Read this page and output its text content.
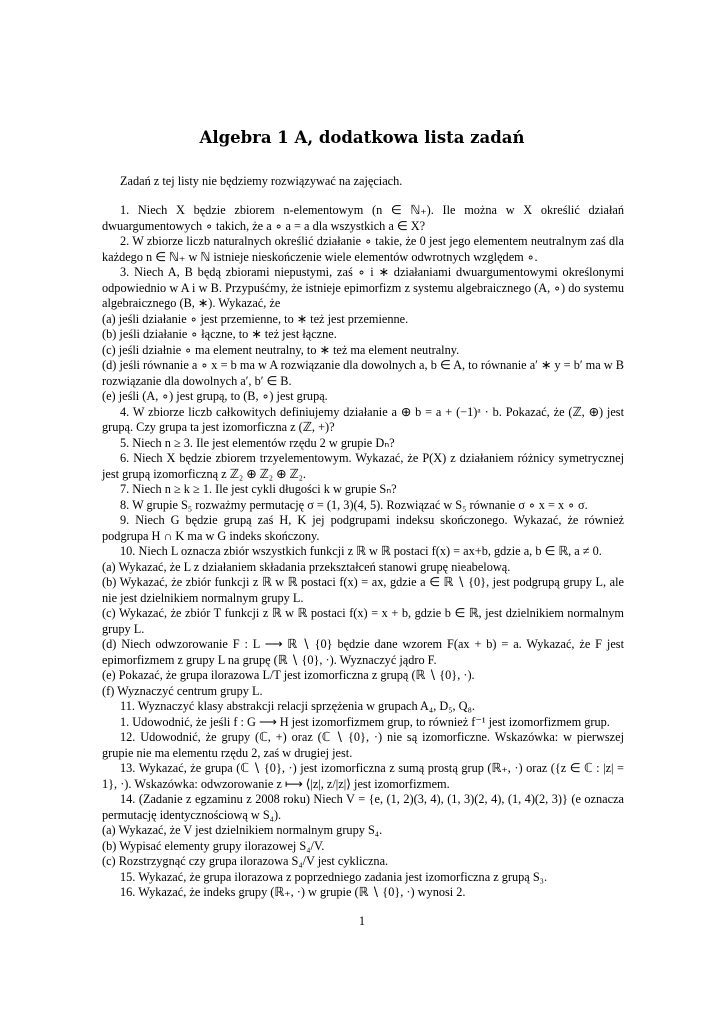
Algebra 1 A, dodatkowa lista zadań
Zadań z tej listy nie będziemy rozwiązywać na zajęciach.

1. Niech X będzie zbiorem n-elementowym (n ∈ ℕ₊). Ile można w X określić działań dwuargumentowych ∘ takich, że a ∘ a = a dla wszystkich a ∈ X?

2. W zbiorze liczb naturalnych określić działanie ∘ takie, że 0 jest jego elementem neutralnym zaś dla każdego n ∈ ℕ₊ w ℕ istnieje nieskończenie wiele elementów odwrotnych względem ∘.

3. Niech A, B będą zbiorami niepustymi, zaś ∘ i ∗ działaniami dwuargumentowymi określonymi odpowiednio w A i w B. Przypuśćmy, że istnieje epimorfizm z systemu algebraicznego (A, ∘) do systemu algebraicznego (B, ∗). Wykazać, że

(a) jeśli działanie ∘ jest przemienne, to ∗ też jest przemienne.

(b) jeśli działanie ∘ łączne, to ∗ też jest łączne.

(c) jeśli działnie ∘ ma element neutralny, to ∗ też ma element neutralny.

(d) jeśli równanie a ∘ x = b ma w A rozwiązanie dla dowolnych a, b ∈ A, to równanie a′ ∗ y = b′ ma w B rozwiązanie dla dowolnych a′, b′ ∈ B.

(e) jeśli (A, ∘) jest grupą, to (B, ∘) jest grupą.

4. W zbiorze liczb całkowitych definiujemy działanie a ⊕ b = a + (−1)ᵃ · b. Pokazać, że (ℤ, ⊕) jest grupą. Czy grupa ta jest izomorficzna z (ℤ, +)?

5. Niech n ≥ 3. Ile jest elementów rzędu 2 w grupie Dₙ?

6. Niech X będzie zbiorem trzyelementowym. Wykazać, że P(X) z działaniem różnicy symetrycznej jest grupą izomorficzną z ℤ₂ ⊕ ℤ₂ ⊕ ℤ₂.

7. Niech n ≥ k ≥ 1. Ile jest cykli długości k w grupie Sₙ?

8. W grupie S₅ rozważmy permutację σ = (1, 3)(4, 5). Rozwiązać w S₅ równanie σ ∘ x = x ∘ σ.

9. Niech G będzie grupą zaś H, K jej podgrupami indeksu skończonego. Wykazać, że również podgrupa H ∩ K ma w G indeks skończony.

10. Niech L oznacza zbiór wszystkich funkcji z ℝ w ℝ postaci f(x) = ax+b, gdzie a, b ∈ ℝ, a ≠ 0.

(a) Wykazać, że L z działaniem składania przekształceń stanowi grupę nieabelową.

(b) Wykazać, że zbiór funkcji z ℝ w ℝ postaci f(x) = ax, gdzie a ∈ ℝ ∖ {0}, jest podgrupą grupy L, ale nie jest dzielnikiem normalnym grupy L.

(c) Wykazać, że zbiór T funkcji z ℝ w ℝ postaci f(x) = x + b, gdzie b ∈ ℝ, jest dzielnikiem normalnym grupy L.

(d) Niech odwzorowanie F : L ⟶ ℝ ∖ {0} będzie dane wzorem F(ax + b) = a. Wykazać, że F jest epimorfizmem z grupy L na grupę (ℝ ∖ {0}, ·). Wyznaczyć jądro F.

(e) Pokazać, że grupa ilorazowa L/T jest izomorficzna z grupą (ℝ ∖ {0}, ·).

(f) Wyznaczyć centrum grupy L.

11. Wyznaczyć klasy abstrakcji relacji sprzężenia w grupach A₄, D₅, Q₈.

1. Udowodnić, że jeśli f : G ⟶ H jest izomorfizmem grup, to również f⁻¹ jest izomorfizmem grup.

12. Udowodnić, że grupy (ℂ, +) oraz (ℂ ∖ {0}, ·) nie są izomorficzne. Wskazówka: w pierwszej grupie nie ma elementu rzędu 2, zaś w drugiej jest.

13. Wykazać, że grupa (ℂ ∖ {0}, ·) jest izomorficzna z sumą prostą grup (ℝ₊, ·) oraz ({z ∈ ℂ : |z| = 1}, ·). Wskazówka: odwzorowanie z ⟼ ⟨|z|, z/|z|⟩ jest izomorfizmem.

14. (Zadanie z egzaminu z 2008 roku) Niech V = {e, (1, 2)(3, 4), (1, 3)(2, 4), (1, 4)(2, 3)} (e oznacza permutację identycznościową w S₄).

(a) Wykazać, że V jest dzielnikiem normalnym grupy S₄.

(b) Wypisać elementy grupy ilorazowej S₄/V.

(c) Rozstrzygnąć czy grupa ilorazowa S₄/V jest cykliczna.

15. Wykazać, że grupa ilorazowa z poprzedniego zadania jest izomorficzna z grupą S₃.

16. Wykazać, że indeks grupy (ℝ₊, ·) w grupie (ℝ ∖ {0}, ·) wynosi 2.

1
